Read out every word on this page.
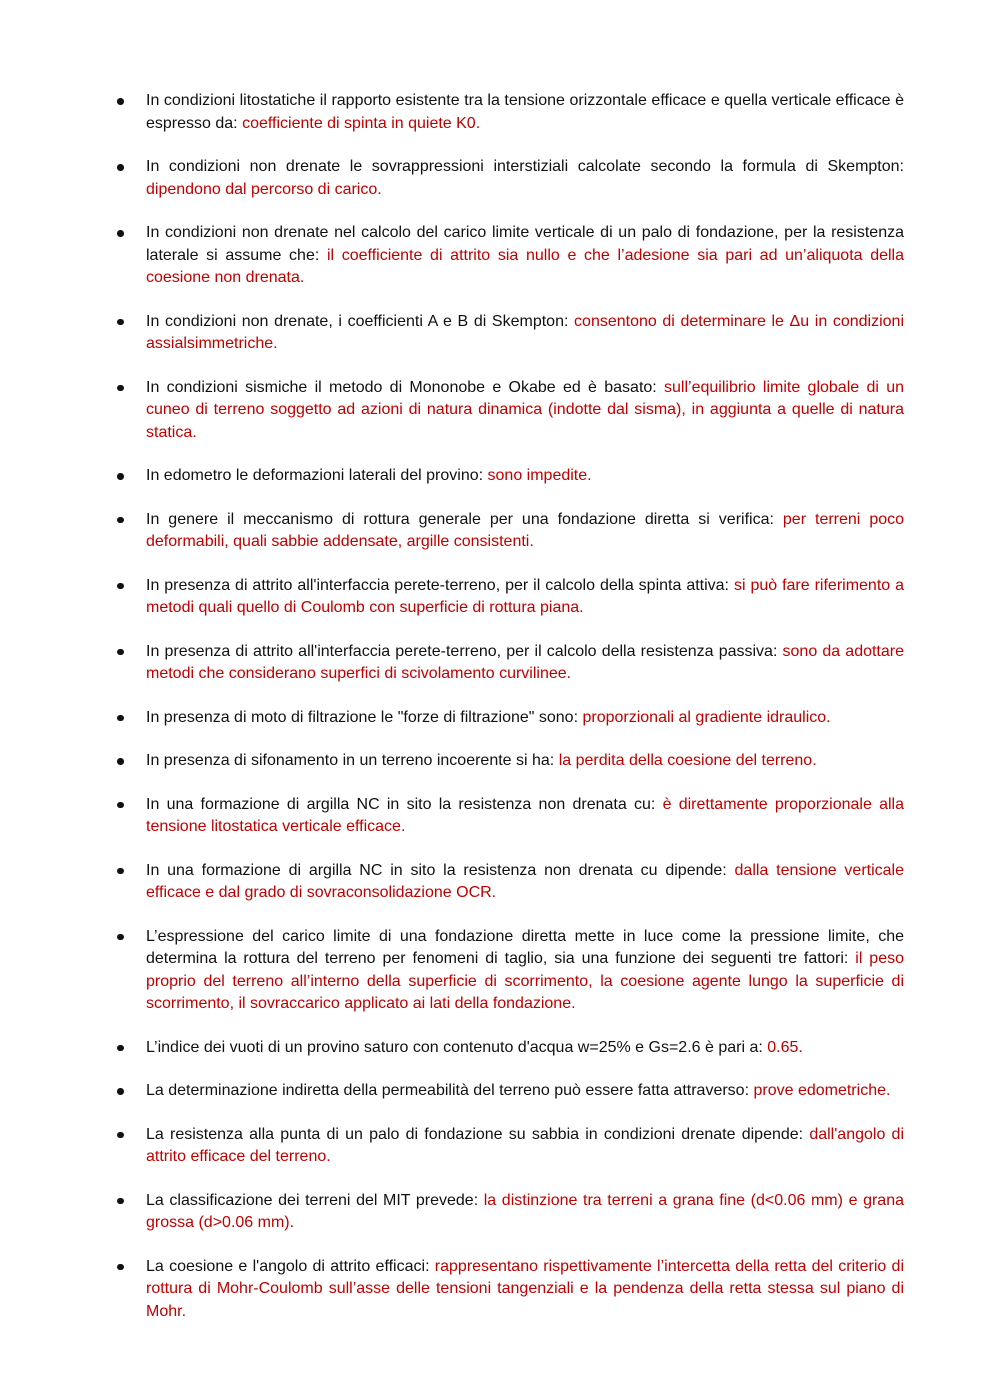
In condizioni litostatiche il rapporto esistente tra la tensione orizzontale efficace e quella verticale efficace è espresso da: coefficiente di spinta in quiete K0.
In condizioni non drenate le sovrappressioni interstiziali calcolate secondo la formula di Skempton: dipendono dal percorso di carico.
In condizioni non drenate nel calcolo del carico limite verticale di un palo di fondazione, per la resistenza laterale si assume che: il coefficiente di attrito sia nullo e che l’adesione sia pari ad un’aliquota della coesione non drenata.
In condizioni non drenate, i coefficienti A e B di Skempton: consentono di determinare le Δu in condizioni assialsimmetriche.
In condizioni sismiche il metodo di Mononobe e Okabe ed è basato: sull’equilibrio limite globale di un cuneo di terreno soggetto ad azioni di natura dinamica (indotte dal sisma), in aggiunta a quelle di natura statica.
In edometro le deformazioni laterali del provino: sono impedite.
In genere il meccanismo di rottura generale per una fondazione diretta si verifica: per terreni poco deformabili, quali sabbie addensate, argille consistenti.
In presenza di attrito all'interfaccia perete-terreno, per il calcolo della spinta attiva: si può fare riferimento a metodi quali quello di Coulomb con superficie di rottura piana.
In presenza di attrito all'interfaccia perete-terreno, per il calcolo della resistenza passiva: sono da adottare metodi che considerano superfici di scivolamento curvilinee.
In presenza di moto di filtrazione le "forze di filtrazione" sono: proporzionali al gradiente idraulico.
In presenza di sifonamento in un terreno incoerente si ha: la perdita della coesione del terreno.
In una formazione di argilla NC in sito la resistenza non drenata cu: è direttamente proporzionale alla tensione litostatica verticale efficace.
In una formazione di argilla NC in sito la resistenza non drenata cu dipende: dalla tensione verticale efficace e dal grado di sovraconsolidazione OCR.
L’espressione del carico limite di una fondazione diretta mette in luce come la pressione limite, che determina la rottura del terreno per fenomeni di taglio, sia una funzione dei seguenti tre fattori: il peso proprio del terreno all’interno della superficie di scorrimento, la coesione agente lungo la superficie di scorrimento, il sovraccarico applicato ai lati della fondazione.
L’indice dei vuoti di un provino saturo con contenuto d'acqua w=25% e Gs=2.6 è pari a: 0.65.
La determinazione indiretta della permeabilità del terreno può essere fatta attraverso: prove edometriche.
La resistenza alla punta di un palo di fondazione su sabbia in condizioni drenate dipende: dall'angolo di attrito efficace del terreno.
La classificazione dei terreni del MIT prevede: la distinzione tra terreni a grana fine (d<0.06 mm) e grana grossa (d>0.06 mm).
La coesione e l'angolo di attrito efficaci: rappresentano rispettivamente l’intercetta della retta del criterio di rottura di Mohr-Coulomb sull’asse delle tensioni tangenziali e la pendenza della retta stessa sul piano di Mohr.
